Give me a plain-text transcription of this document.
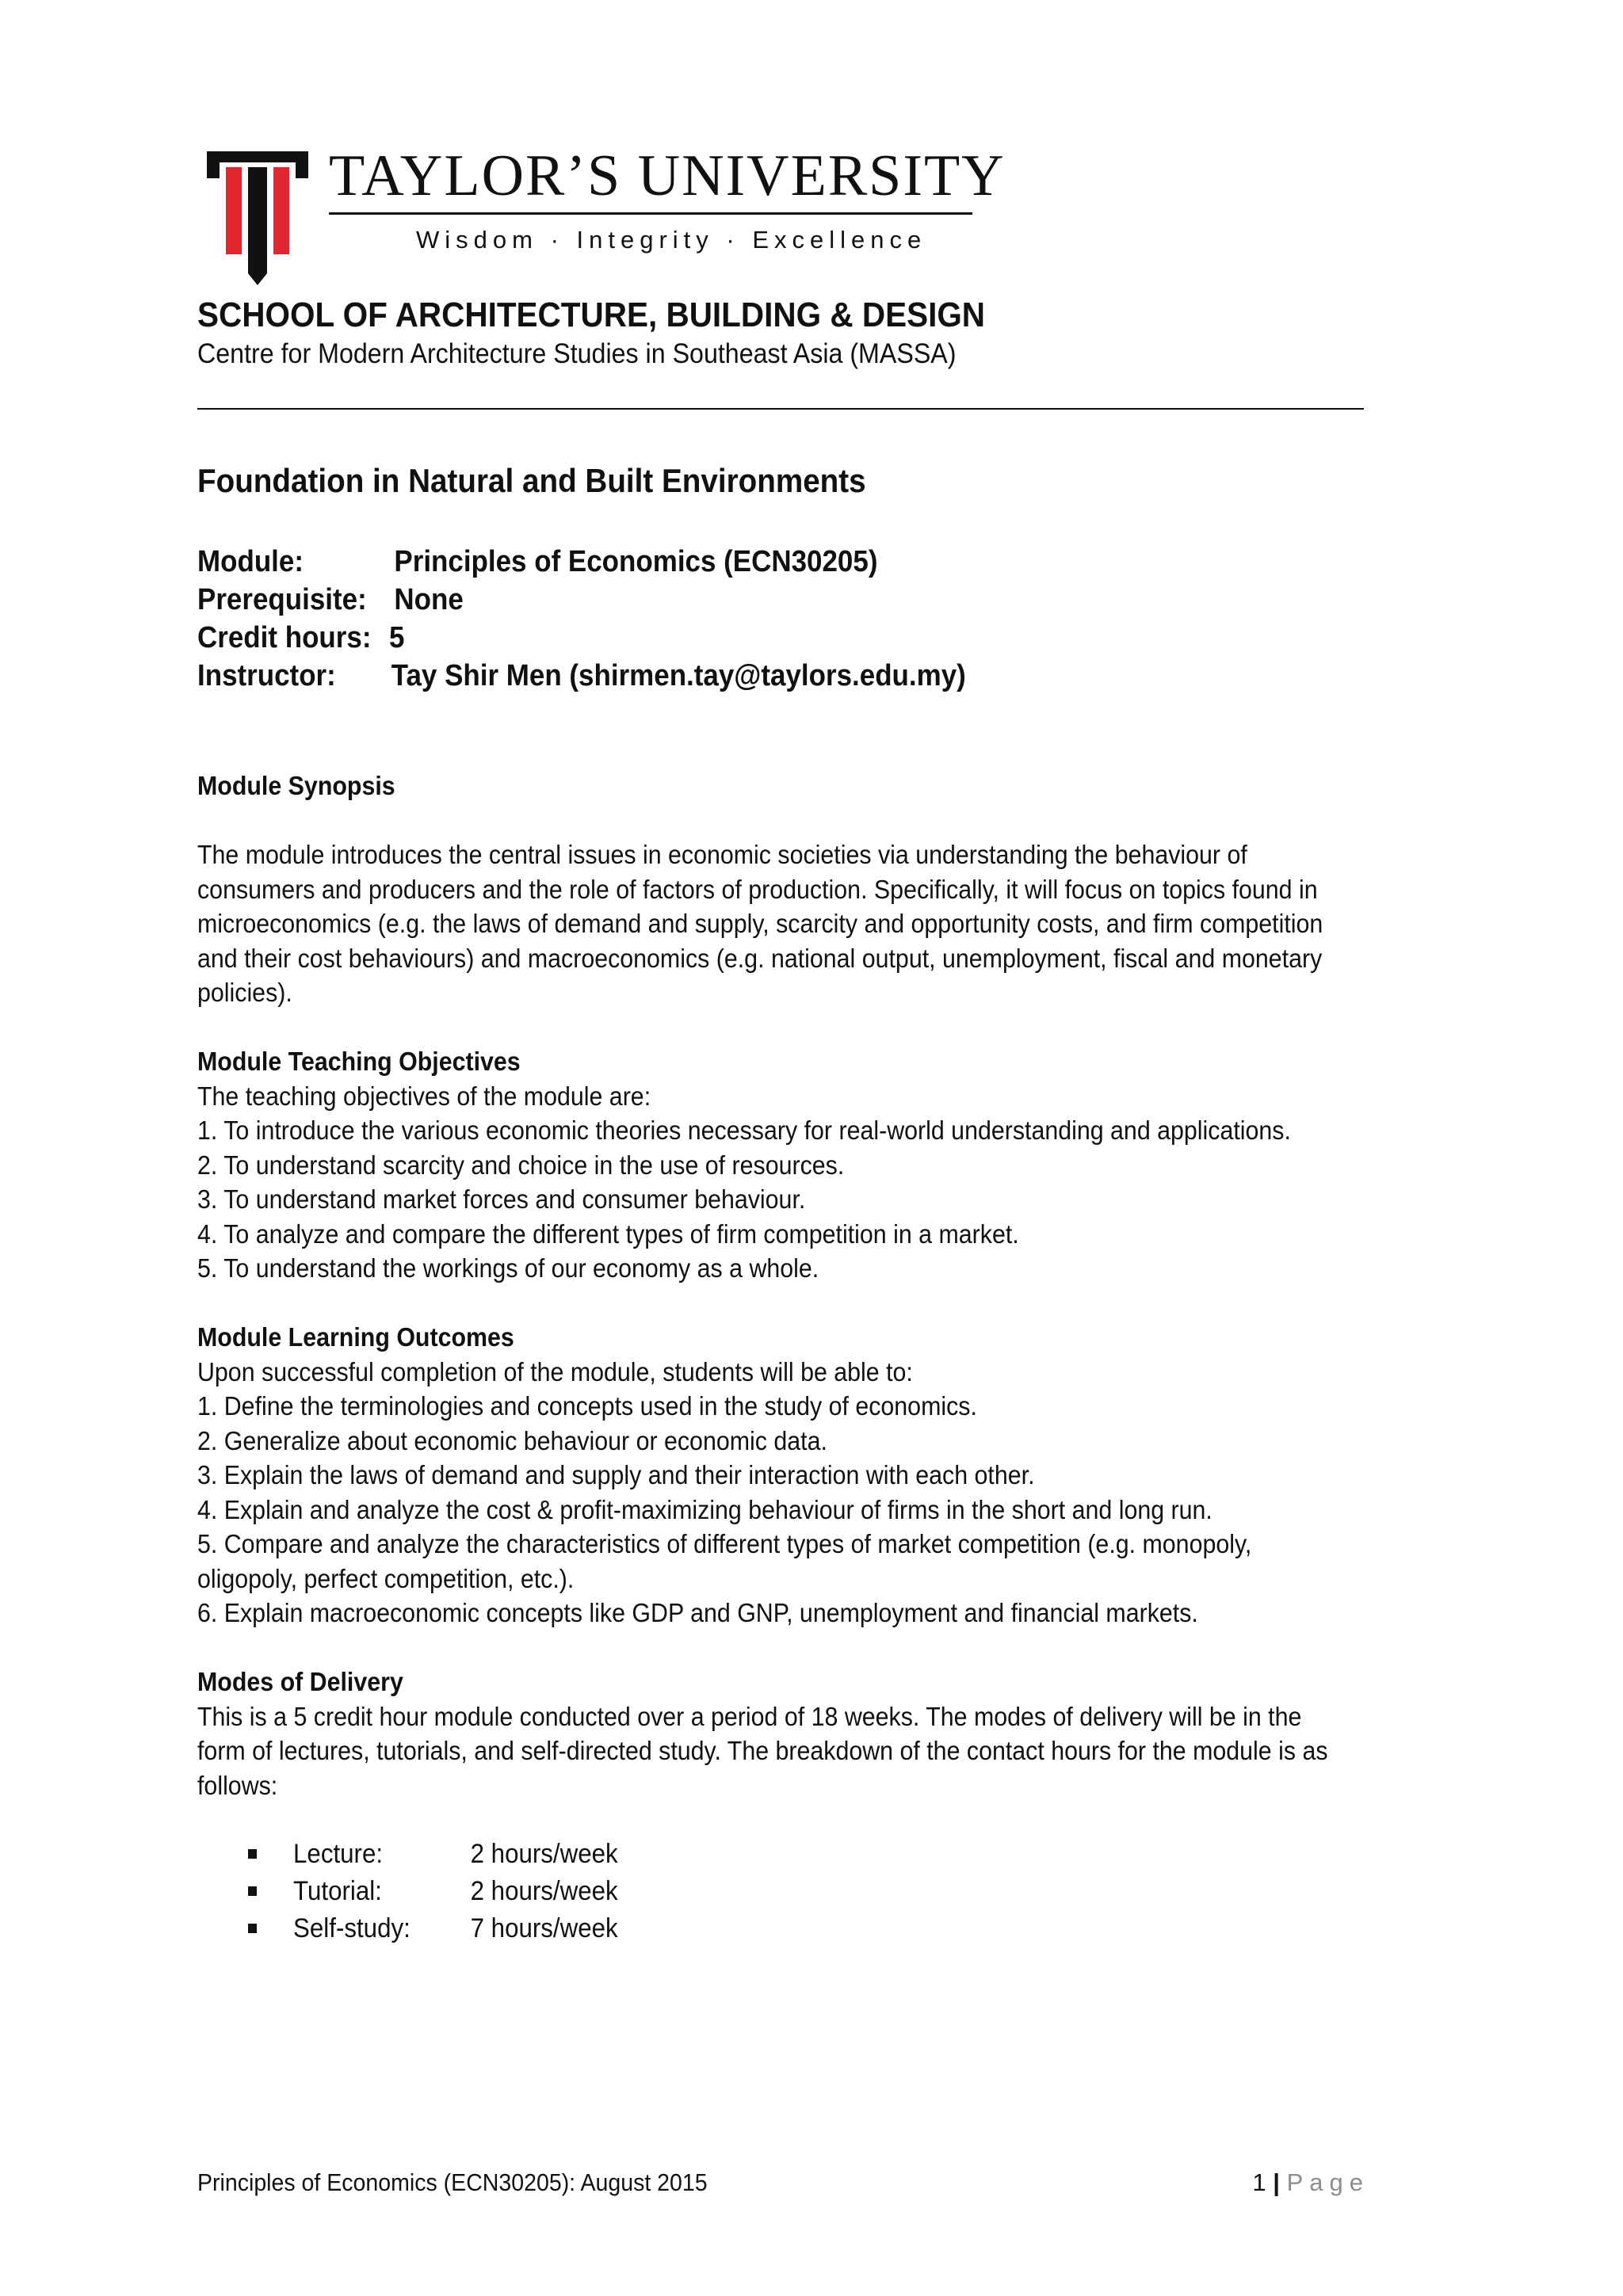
TAYLOR’S UNIVERSITY
Wisdom · Integrity · Excellence
SCHOOL OF ARCHITECTURE, BUILDING & DESIGN
Centre for Modern Architecture Studies in Southeast Asia (MASSA)
Foundation in Natural and Built Environments
Module:	Principles of Economics (ECN30205)
Prerequisite: None
Credit hours: 5
Instructor: Tay Shir Men (shirmen.tay@taylors.edu.my)
Module Synopsis
The module introduces the central issues in economic societies via understanding the behaviour of
consumers and producers and the role of factors of production. Specifically, it will focus on topics found in
microeconomics (e.g. the laws of demand and supply, scarcity and opportunity costs, and firm competition
and their cost behaviours) and macroeconomics (e.g. national output, unemployment, fiscal and monetary
policies).
Module Teaching Objectives
The teaching objectives of the module are:
1. To introduce the various economic theories necessary for real-world understanding and applications.
2. To understand scarcity and choice in the use of resources.
3. To understand market forces and consumer behaviour.
4. To analyze and compare the different types of firm competition in a market.
5. To understand the workings of our economy as a whole.
Module Learning Outcomes
Upon successful completion of the module, students will be able to:
1. Define the terminologies and concepts used in the study of economics.
2. Generalize about economic behaviour or economic data.
3. Explain the laws of demand and supply and their interaction with each other.
4. Explain and analyze the cost & profit-maximizing behaviour of firms in the short and long run.
5. Compare and analyze the characteristics of different types of market competition (e.g. monopoly,
oligopoly, perfect competition, etc.).
6. Explain macroeconomic concepts like GDP and GNP, unemployment and financial markets.
Modes of Delivery
This is a 5 credit hour module conducted over a period of 18 weeks. The modes of delivery will be in the
form of lectures, tutorials, and self-directed study. The breakdown of the contact hours for the module is as
follows:
Lecture:	2 hours/week
Tutorial:	2 hours/week
Self-study: 7 hours/week
Principles of Economics (ECN30205): August 2015	1 | Page
